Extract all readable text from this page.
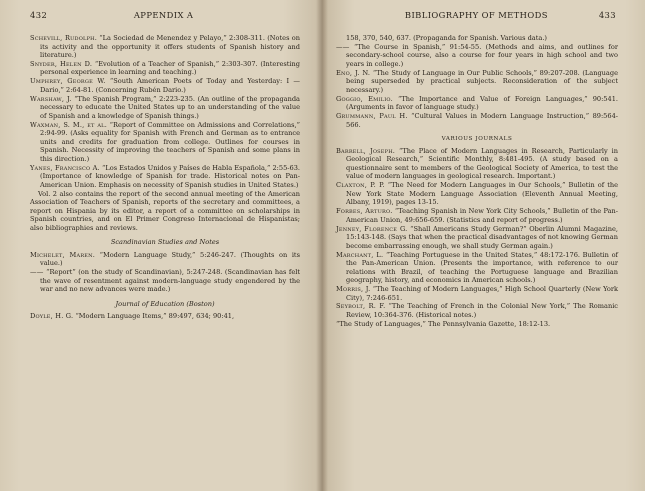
432	APPENDIX A
Schevill, Rudolph. “La Sociedad de Menendez y Pelayo,” 2:308-311. (Notes on its activity and the opportunity it offers students of Spanish history and literature.)
Snyder, Helen D. “Evolution of a Teacher of Spanish,” 2:303-307. (Interesting personal experience in learning and teaching.)
Umphrey, George W. “South American Poets of Today and Yesterday: I — Dario,” 2:64-81. (Concerning Rubén Dario.)
Warshaw, J. “The Spanish Program,” 2:223-235. (An outline of the propaganda necessary to educate the United States up to an understanding of the value of Spanish and a knowledge of Spanish things.)
Waxman, S. M., et al. “Report of Committee on Admissions and Correlations,” 2:94-99. (Asks equality for Spanish with French and German as to entrance units and credits for graduation from college. Outlines for courses in Spanish. Necessity of improving the teachers of Spanish and some plans in this direction.)
Yanes, Francisco A. “Los Estados Unidos y Países de Habla Española,” 2:55-63. (Importance of knowledge of Spanish for trade. Historical notes on Pan-American Union. Emphasis on necessity of Spanish studies in United States.)

Vol. 2 also contains the report of the second annual meeting of the American Association of Teachers of Spanish, reports of the secretary and committees, a report on Hispania by its editor, a report of a committee on scholarships in Spanish countries, and on El Primer Congreso Internacional de Hispanistas; also bibliographies and reviews.

Scandinavian Studies and Notes
Michelet, Maren. “Modern Language Study,” 5:246-247. (Thoughts on its value.)
—— “Report” (on the study of Scandinavian), 5:247-248. (Scandinavian has felt the wave of resentment against modern-language study engendered by the war and no new advances were made.)
Journal of Education (Boston)
Doyle, H. G. “Modern Language Items,” 89:497, 634; 90:41,
BIBLIOGRAPHY OF METHODS	433
158, 370, 540, 637. (Propaganda for Spanish. Various data.)
—— “The Course in Spanish,” 91:54-55. (Methods and aims, and outlines for secondary-school course, also a course for four years in high school and two years in college.)
Eno, J. N. “The Study of Language in Our Public Schools,” 89:207-208. (Language being superseded by practical subjects. Reconsideration of the subject necessary.)
Goggio, Emilio. “The Importance and Value of Foreign Languages,” 90:541. (Arguments in favor of language study.)
Grummann, Paul H. “Cultural Values in Modern Language Instruction,” 89:564-566.
VARIOUS JOURNALS
Barrell, Joseph. “The Place of Modern Languages in Research, Particularly in Geological Research,” Scientific Monthly, 8:481-495. (A study based on a questionnaire sent to members of the Geological Society of America, to test the value of modern languages in geological research. Important.)
Claxton, P. P. “The Need for Modern Languages in Our Schools,” Bulletin of the New York State Modern Language Association (Eleventh Annual Meeting, Albany, 1919), pages 13-15.
Forbes, Arturo. “Teaching Spanish in New York City Schools,” Bulletin of the Pan-American Union, 49:656-659. (Statistics and report of progress.)
Jenney, Florence G. “Shall Americans Study German?” Oberlin Alumni Magazine, 15:143-148. (Says that when the practical disadvantages of not knowing German become embarrassing enough, we shall study German again.)
Marchant, L. “Teaching Portuguese in the United States,” 48:172-176. Bulletin of the Pan-American Union. (Presents the importance, with reference to our relations with Brazil, of teaching the Portuguese language and Brazilian geography, history, and economics in American schools.)
Morris, J. “The Teaching of Modern Languages,” High School Quarterly (New York City), 7:246-651.
Seybolt, R. F. “The Teaching of French in the Colonial New York,” The Romanic Review, 10:364-376. (Historical notes.)
“The Study of Languages,” The Pennsylvania Gazette, 18:12-13.
